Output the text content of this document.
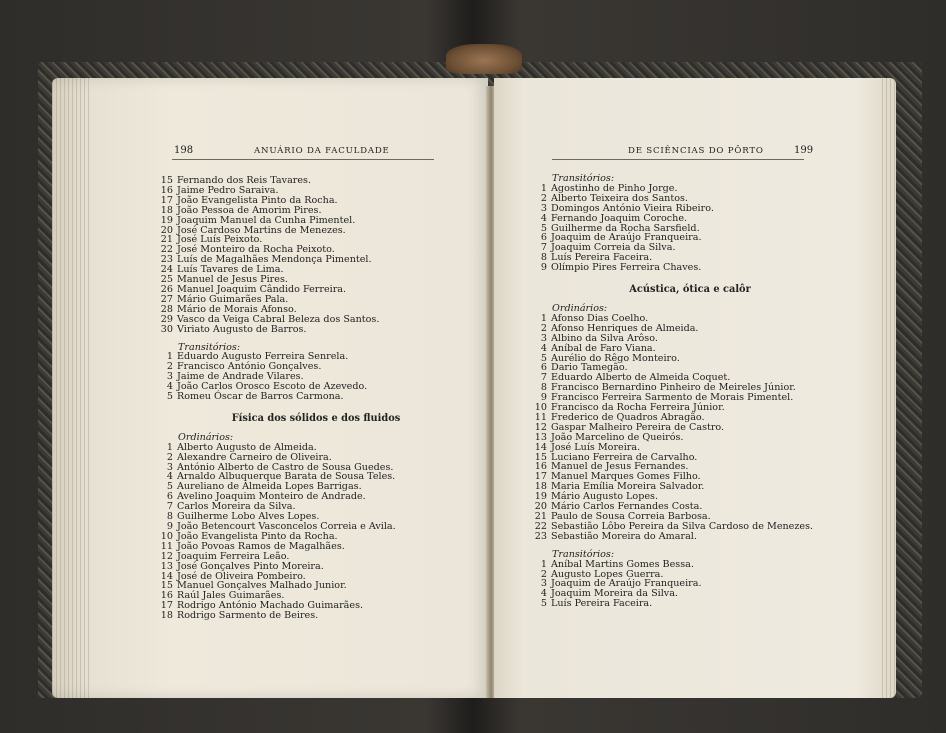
198	ANUÁRIO DA FACULDADE
15 Fernando dos Reis Tavares.
16 Jaime Pedro Saraiva.
17 João Evangelista Pinto da Rocha.
18 João Pessoa de Amorim Pires.
19 Joaquim Manuel da Cunha Pimentel.
20 José Cardoso Martins de Menezes.
21 José Luís Peixoto.
22 José Monteiro da Rocha Peixoto.
23 Luís de Magalhães Mendonça Pimentel.
24 Luís Tavares de Lima.
25 Manuel de Jesus Pires.
26 Manuel Joaquim Cândido Ferreira.
27 Mário Guimarães Pala.
28 Mário de Morais Afonso.
29 Vasco da Veiga Cabral Beleza dos Santos.
30 Viriato Augusto de Barros.
Transitórios:
1 Eduardo Augusto Ferreira Senrela.
2 Francisco António Gonçalves.
3 Jaime de Andrade Vilares.
4 João Carlos Orosco Escoto de Azevedo.
5 Romeu Óscar de Barros Carmona.
Física dos sólidos e dos fluidos
Ordinários:
1 Alberto Augusto de Almeida.
2 Alexandre Carneiro de Oliveira.
3 António Alberto de Castro de Sousa Guedes.
4 Arnaldo Albuquerque Barata de Sousa Teles.
5 Aureliano de Almeida Lopes Barrigas.
6 Avelino Joaquim Monteiro de Andrade.
7 Carlos Moreira da Silva.
8 Guilherme Lobo Alves Lopes.
9 João Betencourt Vasconcelos Correia e Avila.
10 João Evangelista Pinto da Rocha.
11 João Povoas Ramos de Magalhães.
12 Joaquim Ferreira Leão.
13 José Gonçalves Pinto Moreira.
14 José de Oliveira Pombeiro.
15 Manuel Gonçalves Malhado Junior.
16 Raúl Jales Guimarães.
17 Rodrigo António Machado Guimarães.
18 Rodrigo Sarmento de Beires.
DE SCIÊNCIAS DO PÔRTO	199
Transitórios:
1 Agostinho de Pinho Jorge.
2 Alberto Teixeira dos Santos.
3 Domingos António Vieira Ribeiro.
4 Fernando Joaquim Coroche.
5 Guilherme da Rocha Sarsfield.
6 Joaquim de Araújo Franqueira.
7 Joaquim Correia da Silva.
8 Luís Pereira Faceira.
9 Olímpio Pires Ferreira Chaves.
Acústica, ótica e calôr
Ordinários:
1 Afonso Dias Coelho.
2 Afonso Henriques de Almeida.
3 Albino da Silva Arôso.
4 Aníbal de Faro Viana.
5 Aurélio do Rêgo Monteiro.
6 Dario Tamegão.
7 Eduardo Alberto de Almeida Coquet.
8 Francisco Bernardino Pinheiro de Meireles Júnior.
9 Francisco Ferreira Sarmento de Morais Pimentel.
10 Francisco da Rocha Ferreira Júnior.
11 Frederico de Quadros Abragão.
12 Gaspar Malheiro Pereira de Castro.
13 João Marcelino de Queirós.
14 José Luís Moreira.
15 Luciano Ferreira de Carvalho.
16 Manuel de Jesus Fernandes.
17 Manuel Marques Gomes Filho.
18 Maria Emília Moreira Salvador.
19 Mário Augusto Lopes.
20 Mário Carlos Fernandes Costa.
21 Paulo de Sousa Correia Barbosa.
22 Sebastião Lôbo Pereira da Silva Cardoso de Menezes.
23 Sebastião Moreira do Amaral.
Transitórios:
1 Aníbal Martins Gomes Bessa.
2 Augusto Lopes Guerra.
3 Joaquim de Araújo Franqueira.
4 Joaquim Moreira da Silva.
5 Luís Pereira Faceira.
